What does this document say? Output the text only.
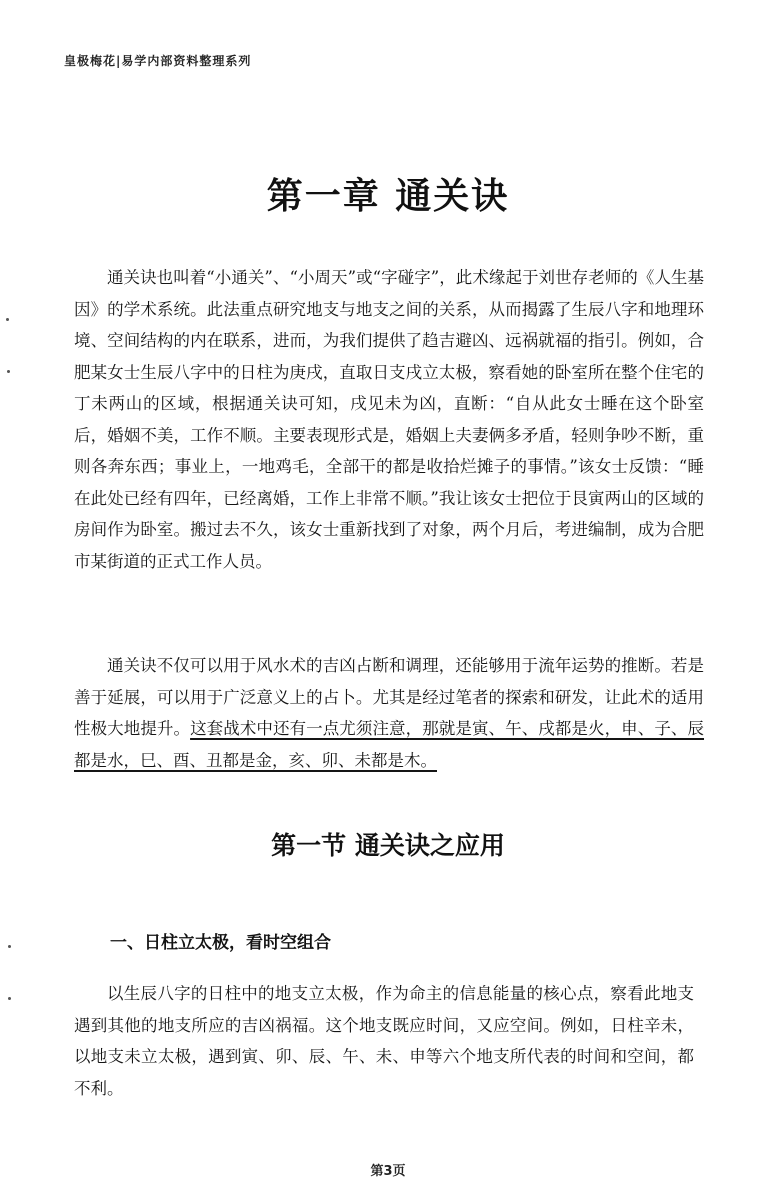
皇极梅花|易学内部资料整理系列
第一章 通关诀

通关诀也叫着“小通关”、“小周天”或“字碰字”，此术缘起于刘世存老师的《人生基因》的学术系统。此法重点研究地支与地支之间的关系，从而揭露了生辰八字和地理环境、空间结构的内在联系，进而，为我们提供了趋吉避凶、远祸就福的指引。例如，合肥某女士生辰八字中的日柱为庚戌，直取日支戌立太极，察看她的卧室所在整个住宅的丁未两山的区域，根据通关诀可知，戌见未为凶，直断：“自从此女士睡在这个卧室后，婚姻不美，工作不顺。主要表现形式是，婚姻上夫妻俩多矛盾，轻则争吵不断，重则各奔东西；事业上，一地鸡毛，全部干的都是收拾烂摊子的事情。”该女士反馈：“睡在此处已经有四年，已经离婚，工作上非常不顺。”我让该女士把位于艮寅两山的区域的房间作为卧室。搬过去不久，该女士重新找到了对象，两个月后，考进编制，成为合肥市某街道的正式工作人员。

通关诀不仅可以用于风水术的吉凶占断和调理，还能够用于流年运势的推断。若是善于延展，可以用于广泛意义上的占卜。尤其是经过笔者的探索和研发，让此术的适用性极大地提升。这套战术中还有一点尤须注意，那就是寅、午、戌都是火，申、子、辰都是水，巳、酉、丑都是金，亥、卯、未都是木。

第一节 通关诀之应用
一、日柱立太极，看时空组合

以生辰八字的日柱中的地支立太极，作为命主的信息能量的核心点，察看此地支遇到其他的地支所应的吉凶祸福。这个地支既应时间，又应空间。例如，日柱辛未，以地支未立太极，遇到寅、卯、辰、午、未、申等六个地支所代表的时间和空间，都不利。

第3页
